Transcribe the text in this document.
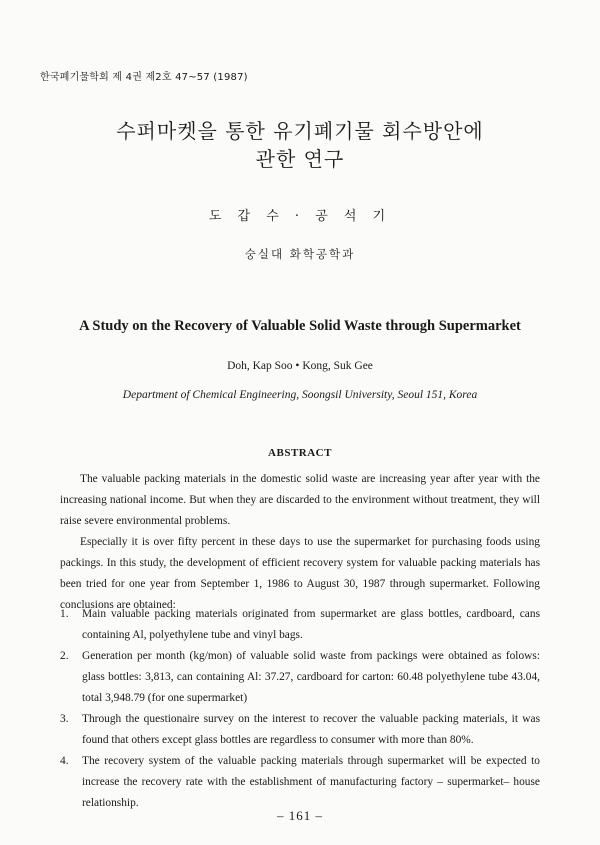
한국폐기물학회 제 4권 제2호 47~57 (1987)
수퍼마켓을 통한 유기폐기물 회수방안에
관한 연구
도 갑 수 · 공 석 기
숭실대 화학공학과
A Study on the Recovery of Valuable Solid Waste through Supermarket
Doh, Kap Soo • Kong, Suk Gee
Department of Chemical Engineering, Soongsil University, Seoul 151, Korea
ABSTRACT

The valuable packing materials in the domestic solid waste are increasing year after year with the increasing national income. But when they are discarded to the environment without treatment, they will raise severe environmental problems.

Especially it is over fifty percent in these days to use the supermarket for purchasing foods using packings. In this study, the development of efficient recovery system for valuable packing materials has been tried for one year from September 1, 1986 to August 30, 1987 through supermarket. Following conclusions are obtained:

1. Main valuable packing materials originated from supermarket are glass bottles, cardboard, cans containing Al, polyethylene tube and vinyl bags.
2. Generation per month (kg/mon) of valuable solid waste from packings were obtained as folows: glass bottles: 3,813, can containing Al: 37.27, cardboard for carton: 60.48 polyethylene tube 43.04, total 3,948.79 (for one supermarket)
3. Through the questionaire survey on the interest to recover the valuable packing materials, it was found that others except glass bottles are regardless to consumer with more than 80%.
4. The recovery system of the valuable packing materials through supermarket will be expected to increase the recovery rate with the establishment of manufacturing factory – supermarket– house relationship.
– 161 –
